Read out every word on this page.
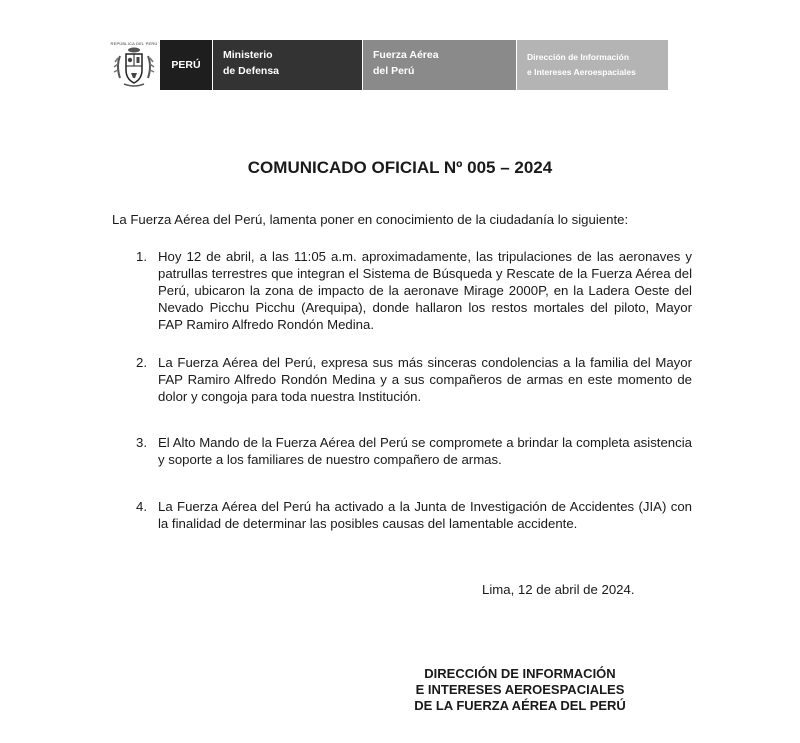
REPÚBLICA DEL PERÚ
PERÚ
Ministerio
de Defensa
Fuerza Aérea
del Perú
Dirección de Información
e Intereses Aeroespaciales
COMUNICADO OFICIAL Nº 005 – 2024
La Fuerza Aérea del Perú, lamenta poner en conocimiento de la ciudadanía lo siguiente:
1. Hoy 12 de abril, a las 11:05 a.m. aproximadamente, las tripulaciones de las aeronaves y patrullas terrestres que integran el Sistema de Búsqueda y Rescate de la Fuerza Aérea del Perú, ubicaron la zona de impacto de la aeronave Mirage 2000P, en la Ladera Oeste del Nevado Picchu Picchu (Arequipa), donde hallaron los restos mortales del piloto, Mayor FAP Ramiro Alfredo Rondón Medina.
2. La Fuerza Aérea del Perú, expresa sus más sinceras condolencias a la familia del Mayor FAP Ramiro Alfredo Rondón Medina y a sus compañeros de armas en este momento de dolor y congoja para toda nuestra Institución.
3. El Alto Mando de la Fuerza Aérea del Perú se compromete a brindar la completa asistencia y soporte a los familiares de nuestro compañero de armas.
4. La Fuerza Aérea del Perú ha activado a la Junta de Investigación de Accidentes (JIA) con la finalidad de determinar las posibles causas del lamentable accidente.
Lima, 12 de abril de 2024.
DIRECCIÓN DE INFORMACIÓN
E INTERESES AEROESPACIALES
DE LA FUERZA AÉREA DEL PERÚ
